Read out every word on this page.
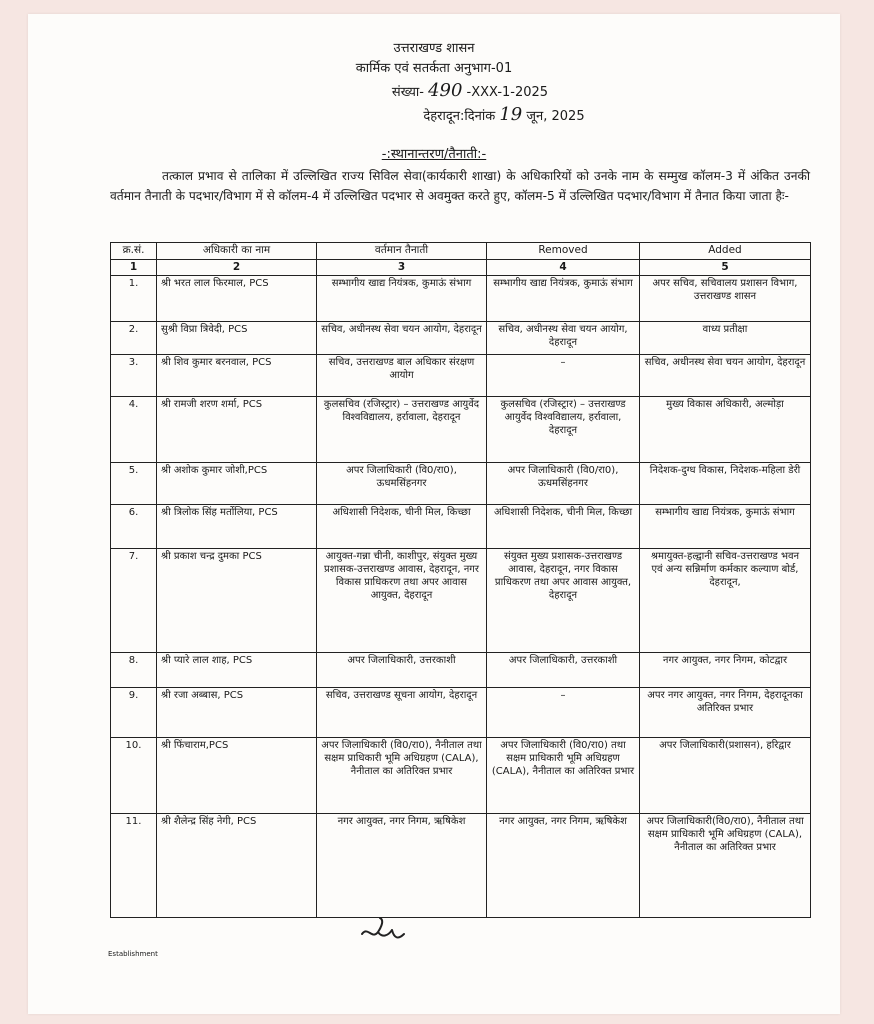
उत्तराखण्ड शासन
कार्मिक एवं सतर्कता अनुभाग-01
संख्या- 490 -XXX-1-2025
देहरादून:दिनांक 19 जून, 2025
-:स्थानान्तरण/तैनाती:-
तत्काल प्रभाव से तालिका में उल्लिखित राज्य सिविल सेवा(कार्यकारी शाखा) के अधिकारियों को उनके नाम के सम्मुख कॉलम-3 में अंकित उनकी वर्तमान तैनाती के पदभार/विभाग में से कॉलम-4 में उल्लिखित पदभार से अवमुक्त करते हुए, कॉलम-5 में उल्लिखित पदभार/विभाग में तैनात किया जाता हैः-
क्र.सं.	अधिकारी का नाम	वर्तमान तैनाती	Removed	Added
1	2	3	4	5
1.	श्री भरत लाल फिरमाल, PCS	सम्भागीय खाद्य नियंत्रक, कुमाऊं संभाग	सम्भागीय खाद्य नियंत्रक, कुमाऊं संभाग	अपर सचिव, सचिवालय प्रशासन विभाग, उत्तराखण्ड शासन
2.	सुश्री विप्रा त्रिवेदी, PCS	सचिव, अधीनस्थ सेवा चयन आयोग, देहरादून	सचिव, अधीनस्थ सेवा चयन आयोग, देहरादून	वाध्य प्रतीक्षा
3.	श्री शिव कुमार बरनवाल, PCS	सचिव, उत्तराखण्ड बाल अधिकार संरक्षण आयोग	–	सचिव, अधीनस्थ सेवा चयन आयोग, देहरादून
4.	श्री रामजी शरण शर्मा, PCS	कुलसचिव (रजिस्ट्रार) – उत्तराखण्ड आयुर्वेद विश्वविद्यालय, हर्रावाला, देहरादून	कुलसचिव (रजिस्ट्रार) – उत्तराखण्ड आयुर्वेद विश्वविद्यालय, हर्रावाला, देहरादून	मुख्य विकास अधिकारी, अल्मोड़ा
5.	श्री अशोक कुमार जोशी,PCS	अपर जिलाधिकारी (वि0/रा0), ऊधमसिंहनगर	अपर जिलाधिकारी (वि0/रा0), ऊधमसिंहनगर	निदेशक-दुग्ध विकास, निदेशक-महिला डेरी
6.	श्री त्रिलोक सिंह मर्तोलिया, PCS	अधिशासी निदेशक, चीनी मिल, किच्छा	अधिशासी निदेशक, चीनी मिल, किच्छा	सम्भागीय खाद्य नियंत्रक, कुमाऊं संभाग
7.	श्री प्रकाश चन्द्र दुमका PCS	आयुक्त-गन्ना चीनी, काशीपुर, संयुक्त मुख्य प्रशासक-उत्तराखण्ड आवास, देहरादून, नगर विकास प्राधिकरण तथा अपर आवास आयुक्त, देहरादून	संयुक्त मुख्य प्रशासक-उत्तराखण्ड आवास, देहरादून, नगर विकास प्राधिकरण तथा अपर आवास आयुक्त, देहरादून	श्रमायुक्त-हल्द्वानी सचिव-उत्तराखण्ड भवन एवं अन्य सन्निर्माण कर्मकार कल्याण बोर्ड, देहरादून,
8.	श्री प्यारे लाल शाह, PCS	अपर जिलाधिकारी, उत्तरकाशी	अपर जिलाधिकारी, उत्तरकाशी	नगर आयुक्त, नगर निगम, कोटद्वार
9.	श्री रजा अब्बास, PCS	सचिव, उत्तराखण्ड सूचना आयोग, देहरादून	–	अपर नगर आयुक्त, नगर निगम, देहरादूनका अतिरिक्त प्रभार
10.	श्री फिंचाराम,PCS	अपर जिलाधिकारी (वि0/रा0), नैनीताल तथा सक्षम प्राधिकारी भूमि अधिग्रहण (CALA), नैनीताल का अतिरिक्त प्रभार	अपर जिलाधिकारी (वि0/रा0) तथा सक्षम प्राधिकारी भूमि अधिग्रहण (CALA), नैनीताल का अतिरिक्त प्रभार	अपर जिलाधिकारी(प्रशासन), हरिद्वार
11.	श्री शैलेन्द्र सिंह नेगी, PCS	नगर आयुक्त, नगर निगम, ऋषिकेश	नगर आयुक्त, नगर निगम, ऋषिकेश	अपर जिलाधिकारी(वि0/रा0), नैनीताल तथा सक्षम प्राधिकारी भूमि अधिग्रहण (CALA), नैनीताल का अतिरिक्त प्रभार
Establishment
